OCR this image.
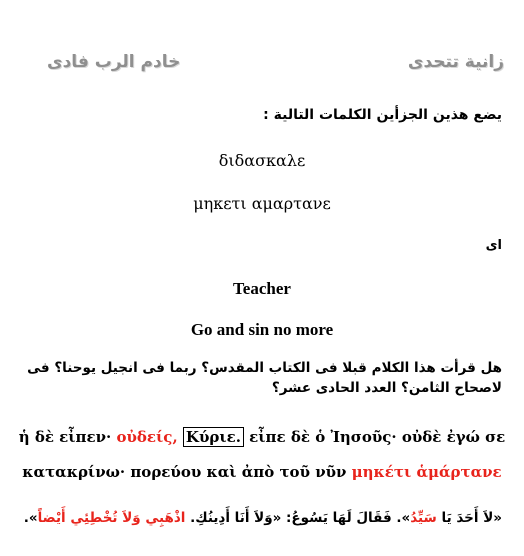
زانية تتحدى
خادم الرب فادى
يضع هذين الجزأين الكلمات التالية :
διδασκαλε
μηκετι αμαρτανε
اى
Teacher
Go and sin no more
هل قرأت هذا الكلام قبلا فى الكتاب المقدس؟ ربما فى انجيل يوحنا؟ فى لاصحاح الثامن؟ العدد الحادى عشر؟
ἡ δὲ εἶπεν· οὐδείς, Κύριε. εἶπε δὲ ὁ Ἰησοῦς· οὐδὲ ἐγώ σε
κατακρίνω· πορεύου καὶ ἀπὸ τοῦ νῦν μηκέτι ἁμάρτανε
«لاَ أَحَدَ يَا سَيِّدُ». فَقَالَ لَهَا يَسُوعُ: «وَلاَ أَنَا أَدِينُكِ. اذْهَبِي وَلاَ تُخْطِئِي أَيْضاً».
